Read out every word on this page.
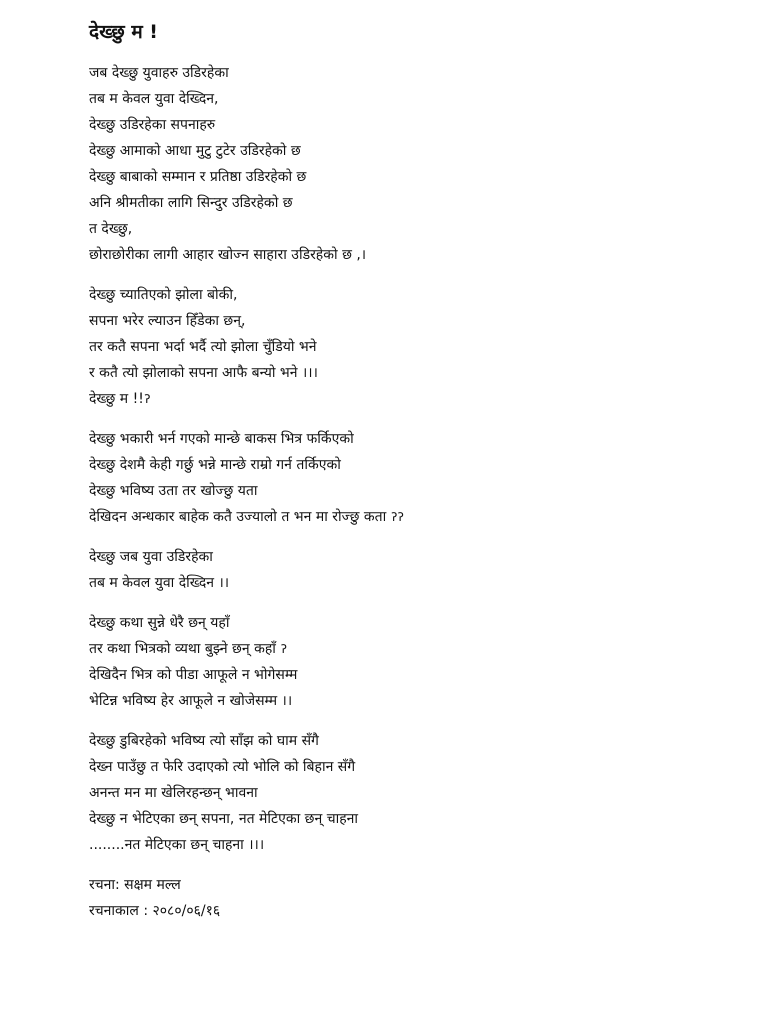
देख्छु म !
जब देख्छु युवाहरु उडिरहेका
तब म केवल युवा देख्दिन,
देख्छु उडिरहेका सपनाहरु
देख्छु आमाको आधा मुटु टुटेर उडिरहेको छ
देख्छु बाबाको सम्मान र प्रतिष्ठा उडिरहेको छ
अनि श्रीमतीका लागि सिन्दुर उडिरहेको छ
त देख्छु,
छोराछोरीका लागी आहार खोज्न साहारा उडिरहेको छ ,।
देख्छु च्यातिएको झोला बोकी,
सपना भरेर ल्याउन हिँडेका छन्,
तर कतै सपना भर्दा भर्दै त्यो झोला चुँडियो भने
र कतै त्यो झोलाको सपना आफै बन्यो भने ।।।
देख्छु म !!ॽ
देख्छु भकारी भर्न गएको मान्छे बाकस भित्र फर्किएको
देख्छु देशमै केही गर्छु भन्ने मान्छे राम्रो गर्न तर्किएको
देख्छु भविष्य उता तर खोज्छु यता
देखिदन अन्धकार बाहेक कतै उज्यालो त भन मा रोज्छु कता ॽॽ
देख्छु जब युवा उडिरहेका
तब म केवल युवा देख्दिन ।।
देख्छु कथा सुन्ने धेरै छन् यहाँ
तर कथा भित्रको व्यथा बुझ्ने छन् कहाँ ॽ
देखिदैन भित्र को पीडा आफूले न भोगेसम्म
भेटिन्न भविष्य हेर आफूले न खोजेसम्म ।।
देख्छु डुबिरहेको भविष्य त्यो साँझ को घाम सँगै
देख्न पाउँछु त फेरि उदाएको त्यो भोलि को बिहान सँगै
अनन्त मन मा खेलिरहन्छन् भावना
देख्छु न भेटिएका छन् सपना, नत मेटिएका छन् चाहना
........नत मेटिएका छन् चाहना ।।।
रचना: सक्षम मल्ल
रचनाकाल : २०८०/०६/१६
